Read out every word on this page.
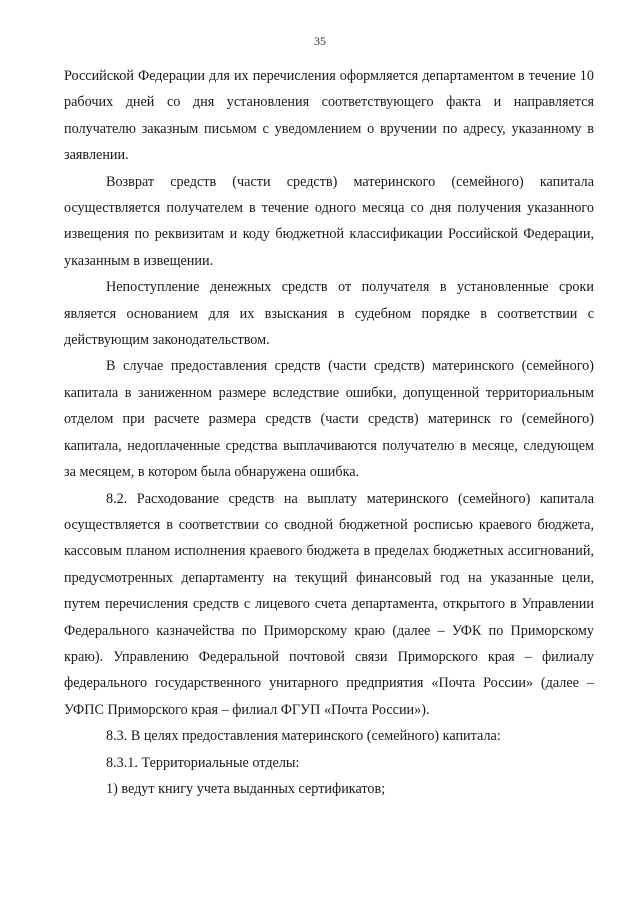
35

Российской Федерации для их перечисления оформляется департаментом в течение 10 рабочих дней со дня установления соответствующего факта и направляется получателю заказным письмом с уведомлением о вручении по адресу, указанному в заявлении.

Возврат средств (части средств) материнского (семейного) капитала осуществляется получателем в течение одного месяца со дня получения указанного извещения по реквизитам и коду бюджетной классификации Российской Федерации, указанным в извещении.

Непоступление денежных средств от получателя в установленные сроки является основанием для их взыскания в судебном порядке в соответствии с действующим законодательством.

В случае предоставления средств (части средств) материнского (семейного) капитала в заниженном размере вследствие ошибки, допущенной территориальным отделом при расчете размера средств (части средств) материнск го (семейного) капитала, недоплаченные средства выплачиваются получателю в месяце, следующем за месяцем, в котором была обнаружена ошибка.

8.2. Расходование средств на выплату материнского (семейного) капитала осуществляется в соответствии со сводной бюджетной росписью краевого бюджета, кассовым планом исполнения краевого бюджета в пределах бюджетных ассигнований, предусмотренных департаменту на текущий финансовый год на указанные цели, путем перечисления средств с лицевого счета департамента, открытого в Управлении Федерального казначейства по Приморскому краю (далее – УФК по Приморскому краю). Управлению Федеральной почтовой связи Приморского края – филиалу федерального государственного унитарного предприятия «Почта России» (далее – УФПС Приморского края – филиал ФГУП «Почта России»).

8.3. В целях предоставления материнского (семейного) капитала:

8.3.1. Территориальные отделы:

1) ведут книгу учета выданных сертификатов;
